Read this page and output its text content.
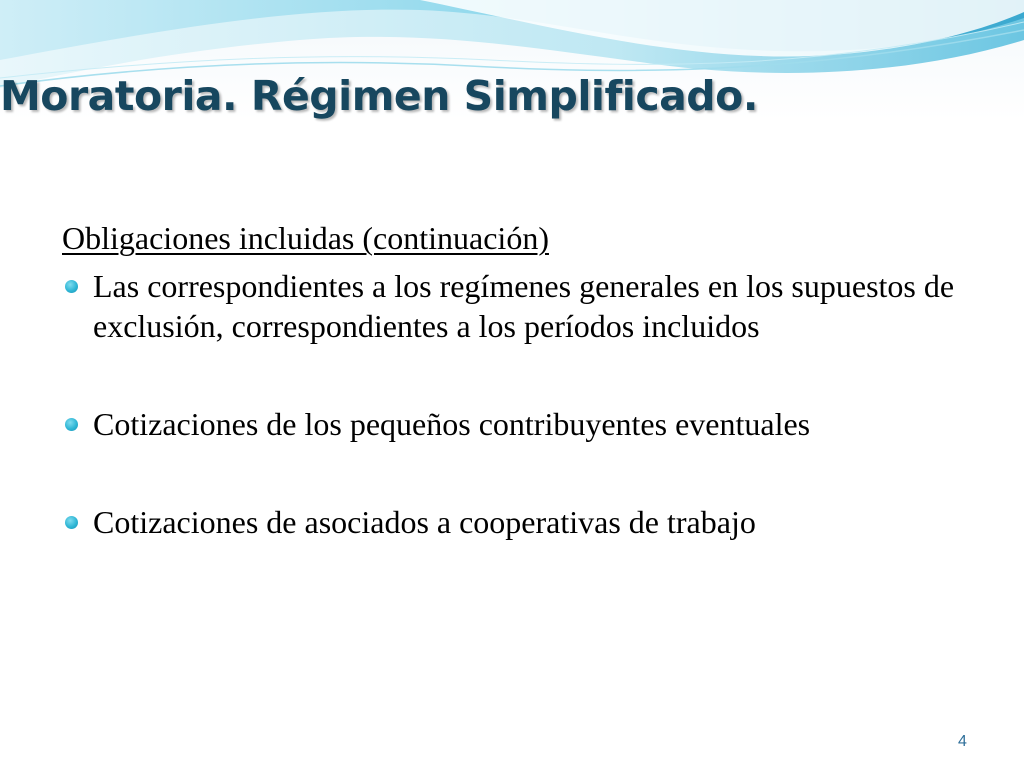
Moratoria. Régimen Simplificado.
Obligaciones incluidas (continuación)
Las correspondientes a los regímenes generales en los supuestos de exclusión, correspondientes a los períodos incluidos
Cotizaciones de los pequeños contribuyentes eventuales
Cotizaciones de asociados a cooperativas de trabajo
4
